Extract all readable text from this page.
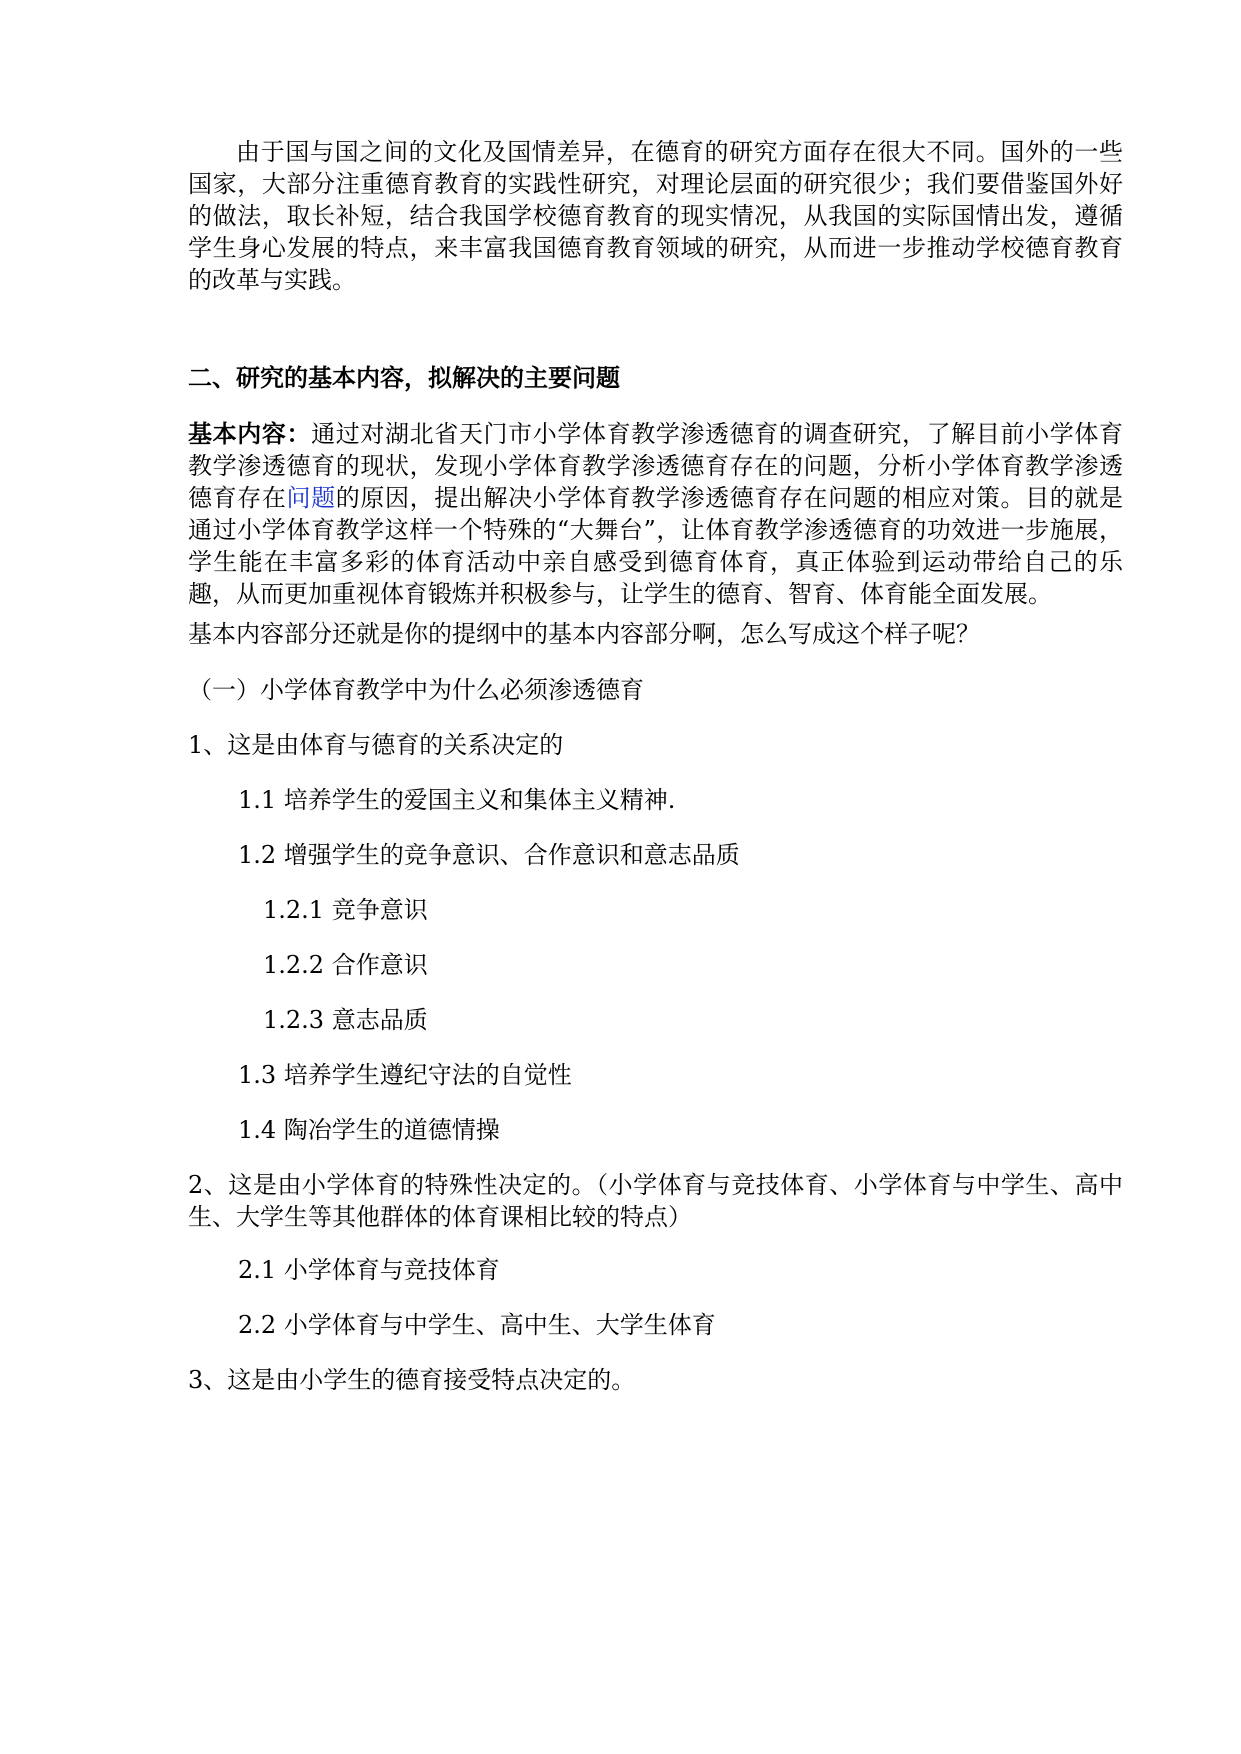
由于国与国之间的文化及国情差异，在德育的研究方面存在很大不同。国外的一些国家，大部分注重德育教育的实践性研究，对理论层面的研究很少；我们要借鉴国外好的做法，取长补短，结合我国学校德育教育的现实情况，从我国的实际国情出发，遵循学生身心发展的特点，来丰富我国德育教育领域的研究，从而进一步推动学校德育教育的改革与实践。
二、研究的基本内容，拟解决的主要问题
基本内容：通过对湖北省天门市小学体育教学渗透德育的调查研究，了解目前小学体育教学渗透德育的现状，发现小学体育教学渗透德育存在的问题，分析小学体育教学渗透德育存在问题的原因，提出解决小学体育教学渗透德育存在问题的相应对策。目的就是通过小学体育教学这样一个特殊的“大舞台”，让体育教学渗透德育的功效进一步施展，学生能在丰富多彩的体育活动中亲自感受到德育体育，真正体验到运动带给自己的乐趣，从而更加重视体育锻炼并积极参与，让学生的德育、智育、体育能全面发展。
基本内容部分还就是你的提纲中的基本内容部分啊，怎么写成这个样子呢？
（一）小学体育教学中为什么必须渗透德育
1、这是由体育与德育的关系决定的
1.1 培养学生的爱国主义和集体主义精神.
1.2 增强学生的竞争意识、合作意识和意志品质
1.2.1 竞争意识
1.2.2 合作意识
1.2.3 意志品质
1.3 培养学生遵纪守法的自觉性
1.4 陶冶学生的道德情操
2、这是由小学体育的特殊性决定的。（小学体育与竞技体育、小学体育与中学生、高中生、大学生等其他群体的体育课相比较的特点）
2.1 小学体育与竞技体育
2.2 小学体育与中学生、高中生、大学生体育
3、这是由小学生的德育接受特点决定的。
